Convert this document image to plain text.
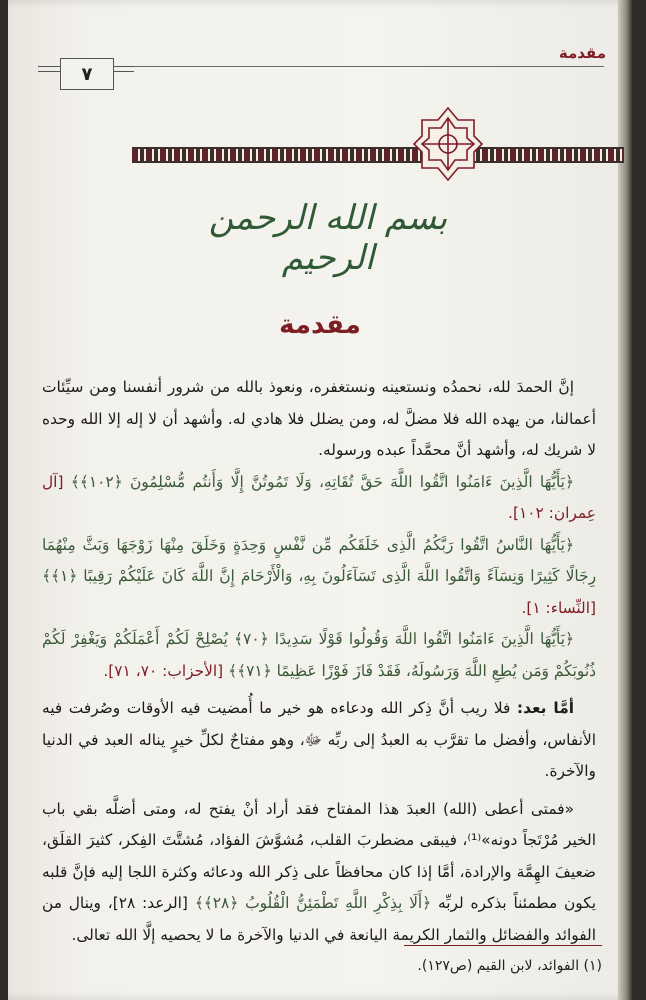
مقدمة
٧
بسم الله الرحمن الرحيم
مقدمة

إنَّ الحمدَ لله، نحمدُه ونستعينه ونستغفره، ونعوذ بالله من شرور أنفسنا ومن سيِّئات أعمالنا، من يهده الله فلا مضلَّ له، ومن يضلل فلا هادي له. وأشهد أن لا إله إلا الله وحده لا شريك له، وأشهد أنَّ محمَّداً عبده ورسوله.

﴿يَأَيُّهَا الَّذِينَ ءَامَنُوا اتَّقُوا اللَّهَ حَقَّ تُقَاتِهِ، وَلَا تَمُوتُنَّ إِلَّا وَأَنتُم مُّسْلِمُونَ ﴿١٠٢﴾﴾ [آل عِمران: ١٠٢].

﴿يَأَيُّهَا النَّاسُ اتَّقُوا رَبَّكُمُ الَّذِى خَلَقَكُم مِّن نَّفْسٍ وَحِدَةٍ وَخَلَقَ مِنْهَا زَوْجَهَا وَبَثَّ مِنْهُمَا رِجَالًا كَثِيرًا وَنِسَآءً وَاتَّقُوا اللَّهَ الَّذِى تَسَآءَلُونَ بِهِ، وَالْأَرْحَامَ إِنَّ اللَّهَ كَانَ عَلَيْكُمْ رَقِيبًا ﴿١﴾﴾ [النِّساء: ١].

﴿يَأَيُّهَا الَّذِينَ ءَامَنُوا اتَّقُوا اللَّهَ وَقُولُوا قَوْلًا سَدِيدًا ﴿٧٠﴾ يُصْلِحْ لَكُمْ أَعْمَلَكُمْ وَيَغْفِرْ لَكُمْ ذُنُوبَكُمْ وَمَن يُطِعِ اللَّهَ وَرَسُولَهُ، فَقَدْ فَازَ فَوْزًا عَظِيمًا ﴿٧١﴾﴾ [الأحزاب: ٧٠، ٧١].

أمَّا بعد: فلا ريب أنَّ ذِكر الله ودعاءه هو خير ما أُمضيت فيه الأوقات وصُرفت فيه الأنفاس، وأفضل ما تقرَّب به العبدُ إلى ربِّه ﷻ، وهو مفتاحٌ لكلِّ خيرٍ يناله العبد في الدنيا والآخرة.

«فمتى أعطى (الله) العبدَ هذا المفتاح فقد أراد أنْ يفتح له، ومتى أضلَّه بقي باب الخير مُرْتَجاً دونه»⁽¹⁾، فيبقى مضطربَ القلب، مُشوَّشَ الفؤاد، مُشتَّتَ الفِكر، كثيرَ القلَق، ضعيفَ الهِمَّة والإرادة، أمَّا إذا كان محافظاً على ذِكر الله ودعائه وكثرة اللجا إليه فإنَّ قلبه يكون مطمئناً بذكره لربِّه ﴿أَلَا بِذِكْرِ اللَّهِ تَطْمَئِنُّ الْقُلُوبُ ﴿٢٨﴾﴾ [الرعد: ٢٨]، وينال من الفوائد والفضائل والثمار الكريمة اليانعة في الدنيا والآخرة ما لا يحصيه إلَّا الله تعالى.

(١) الفوائد، لابن القيم (ص١٢٧).
